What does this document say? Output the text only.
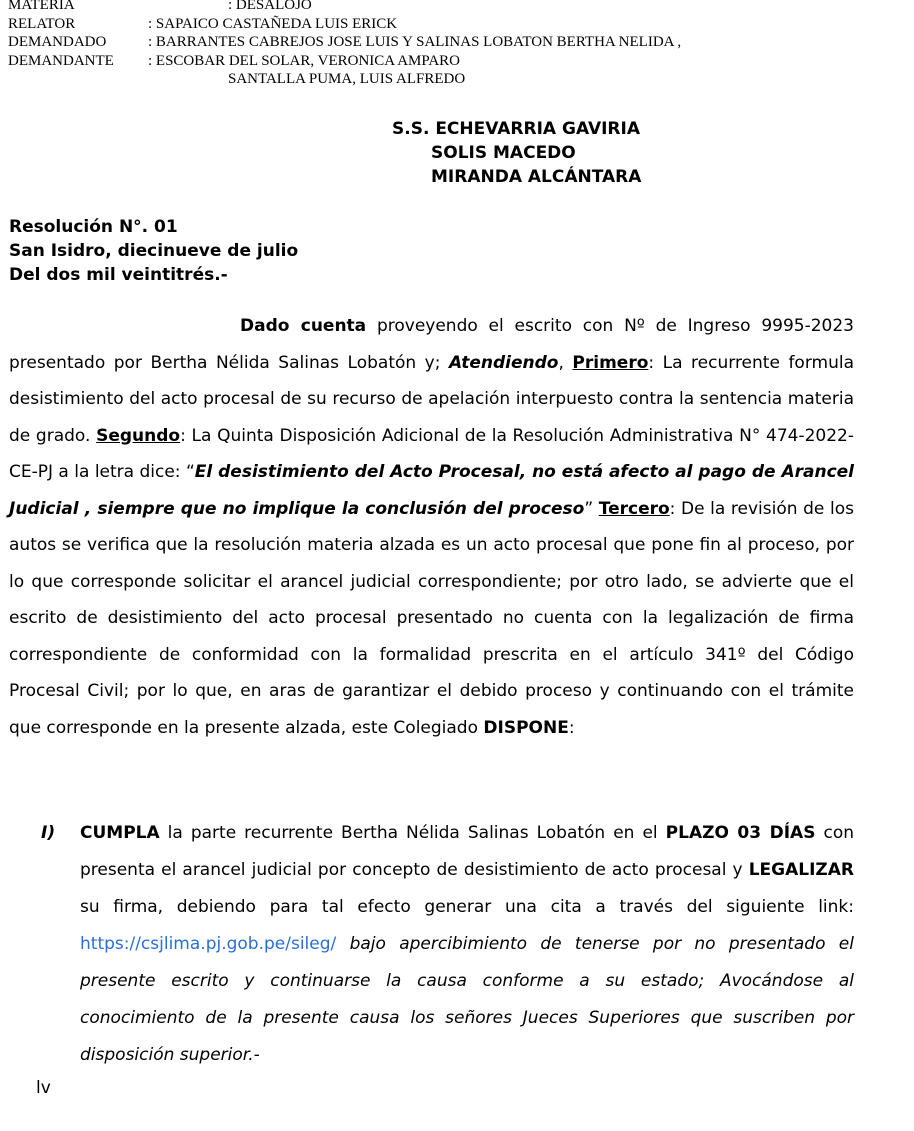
MATERIA	: DESALOJO
RELATOR	: SAPAICO CASTAÑEDA LUIS ERICK
DEMANDADO	: BARRANTES CABREJOS JOSE LUIS Y SALINAS LOBATON BERTHA NELIDA ,
DEMANDANTE	: ESCOBAR DEL SOLAR, VERONICA AMPARO
SANTALLA PUMA, LUIS ALFREDO
S.S. ECHEVARRIA GAVIRIA
SOLIS MACEDO
MIRANDA ALCÁNTARA
Resolución N°. 01
San Isidro, diecinueve de julio
Del dos mil veintitrés.-

Dado cuenta proveyendo el escrito con Nº de Ingreso 9995-2023 presentado por Bertha Nélida Salinas Lobatón y; Atendiendo, Primero: La recurrente formula desistimiento del acto procesal de su recurso de apelación interpuesto contra la sentencia materia de grado. Segundo: La Quinta Disposición Adicional de la Resolución Administrativa N° 474-2022-CE-PJ a la letra dice: “El desistimiento del Acto Procesal, no está afecto al pago de Arancel Judicial , siempre que no implique la conclusión del proceso” Tercero: De la revisión de los autos se verifica que la resolución materia alzada es un acto procesal que pone fin al proceso, por lo que corresponde solicitar el arancel judicial correspondiente; por otro lado, se advierte que el escrito de desistimiento del acto procesal presentado no cuenta con la legalización de firma correspondiente de conformidad con la formalidad prescrita en el artículo 341º del Código Procesal Civil; por lo que, en aras de garantizar el debido proceso y continuando con el trámite que corresponde en la presente alzada, este Colegiado DISPONE:

I)	CUMPLA la parte recurrente Bertha Nélida Salinas Lobatón en el PLAZO 03 DÍAS con presenta el arancel judicial por concepto de desistimiento de acto procesal y LEGALIZAR su firma, debiendo para tal efecto generar una cita a través del siguiente link: https://csjlima.pj.gob.pe/sileg/ bajo apercibimiento de tenerse por no presentado el presente escrito y continuarse la causa conforme a su estado; Avocándose al conocimiento de la presente causa los señores Jueces Superiores que suscriben por disposición superior.-
lv
